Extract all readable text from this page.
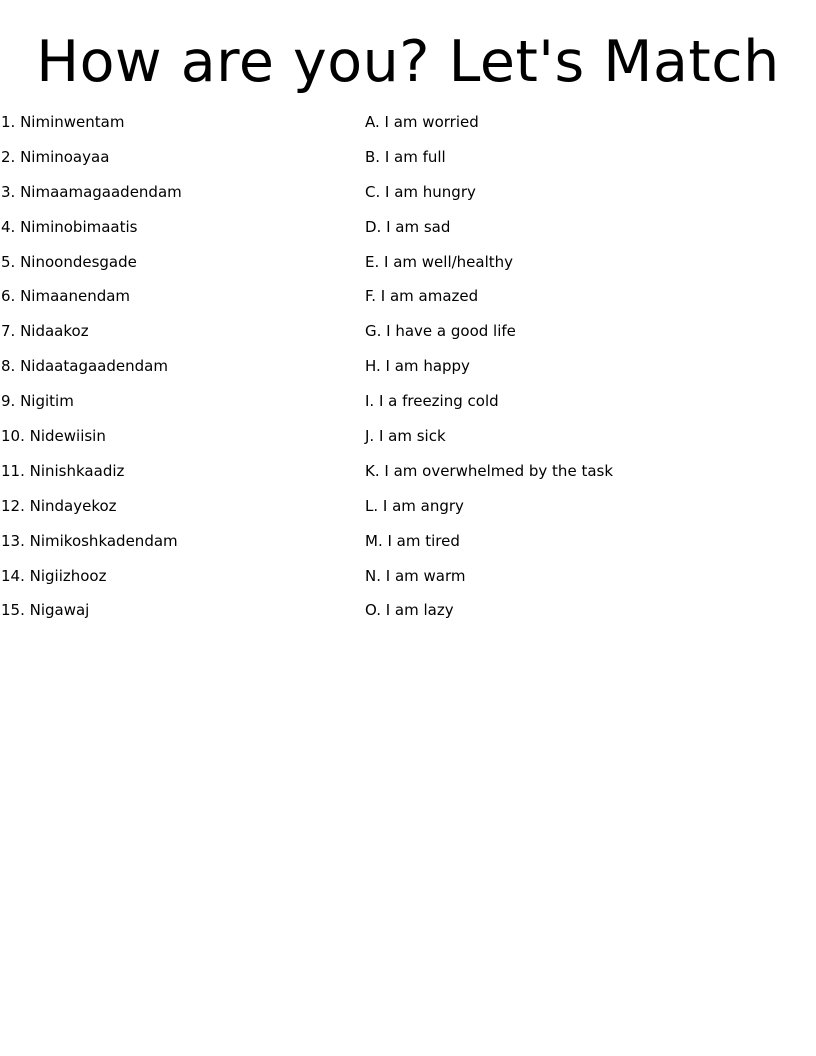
How are you? Let's Match
1. Niminwentam
2. Niminoayaa
3. Nimaamagaadendam
4. Niminobimaatis
5. Ninoondesgade
6. Nimaanendam
7. Nidaakoz
8. Nidaatagaadendam
9. Nigitim
10. Nidewiisin
11. Ninishkaadiz
12. Nindayekoz
13. Nimikoshkadendam
14. Nigiizhooz
15. Nigawaj
A. I am worried
B. I am full
C. I am hungry
D. I am sad
E. I am well/healthy
F. I am amazed
G. I have a good life
H. I am happy
I. I a freezing cold
J. I am sick
K. I am overwhelmed by the task
L. I am angry
M. I am tired
N. I am warm
O. I am lazy
